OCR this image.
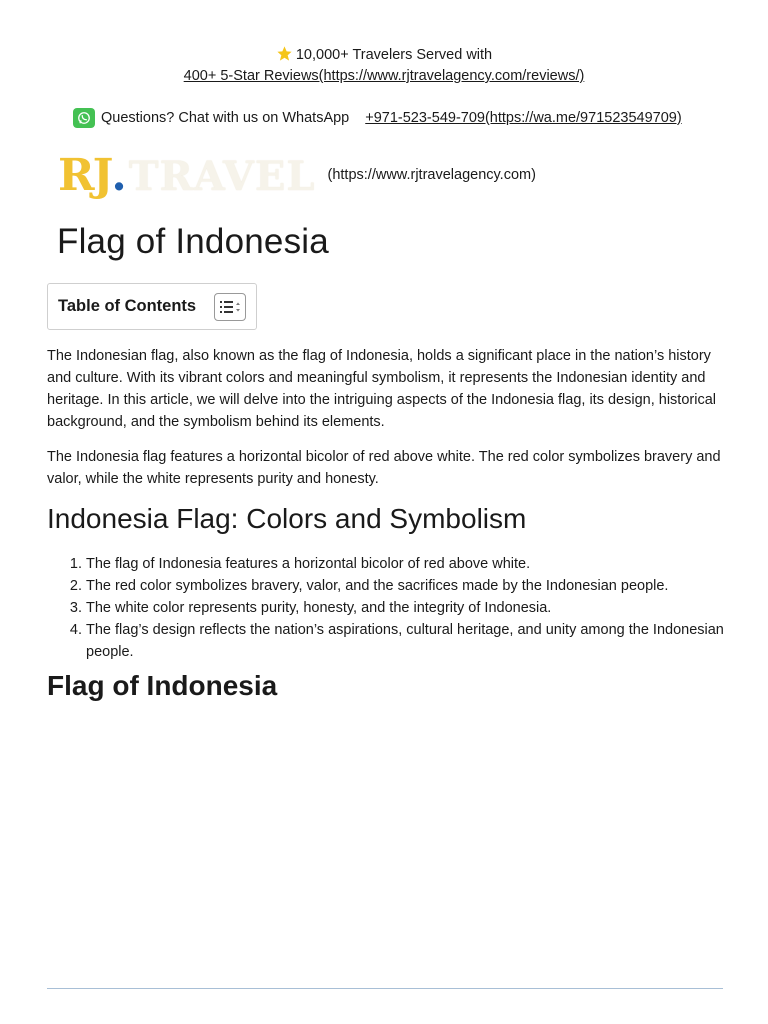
10,000+ Travelers Served with
400+ 5-Star Reviews(https://www.rjtravelagency.com/reviews/)
Questions? Chat with us on WhatsApp +971-523-549-709(https://wa.me/971523549709)
RJ . TRAVEL (https://www.rjtravelagency.com)
Flag of Indonesia
Table of Contents

The Indonesian flag, also known as the flag of Indonesia, holds a significant place in the nation’s history and culture. With its vibrant colors and meaningful symbolism, it represents the Indonesian identity and heritage. In this article, we will delve into the intriguing aspects of the Indonesia flag, its design, historical background, and the symbolism behind its elements.

The Indonesia flag features a horizontal bicolor of red above white. The red color symbolizes bravery and valor, while the white represents purity and honesty.

Indonesia Flag: Colors and Symbolism
1. The flag of Indonesia features a horizontal bicolor of red above white.
2. The red color symbolizes bravery, valor, and the sacrifices made by the Indonesian people.
3. The white color represents purity, honesty, and the integrity of Indonesia.
4. The flag’s design reflects the nation’s aspirations, cultural heritage, and unity among the Indonesian people.
Flag of Indonesia
